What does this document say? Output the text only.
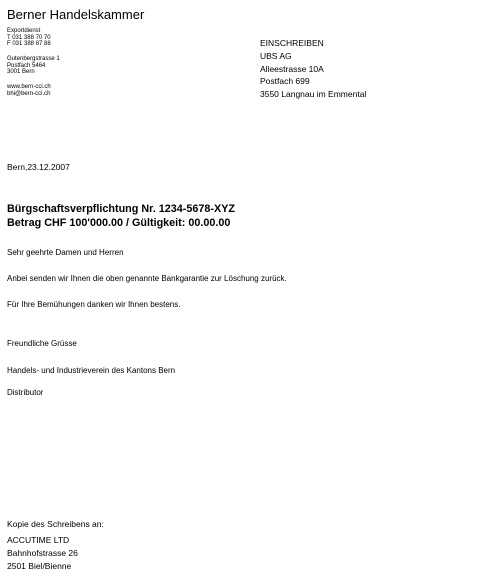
Berner Handelskammer
Exportdienst
T 031 388 70 70
F 031 388 87 88
Gutenbergstrasse 1
Postfach 5464
3001 Bern
www.bern-cci.ch
bhi@bern-cci.ch
EINSCHREIBEN
UBS AG
Alleestrasse 10A
Postfach 699
3550 Langnau im Emmental
Bern,23.12.2007
Bürgschaftsverpflichtung Nr. 1234-5678-XYZ
Betrag CHF 100'000.00 / Gültigkeit: 00.00.00
Sehr geehrte Damen und Herren
Anbei senden wir Ihnen die oben genannte Bankgarantie zur Löschung zurück.
Für Ihre Bemühungen danken wir Ihnen bestens.
Freundliche Grüsse
Handels- und Industrieverein des Kantons Bern
Distributor
Kopie des Schreibens an:
ACCUTIME LTD
Bahnhofstrasse 26
2501 Biel/Bienne
